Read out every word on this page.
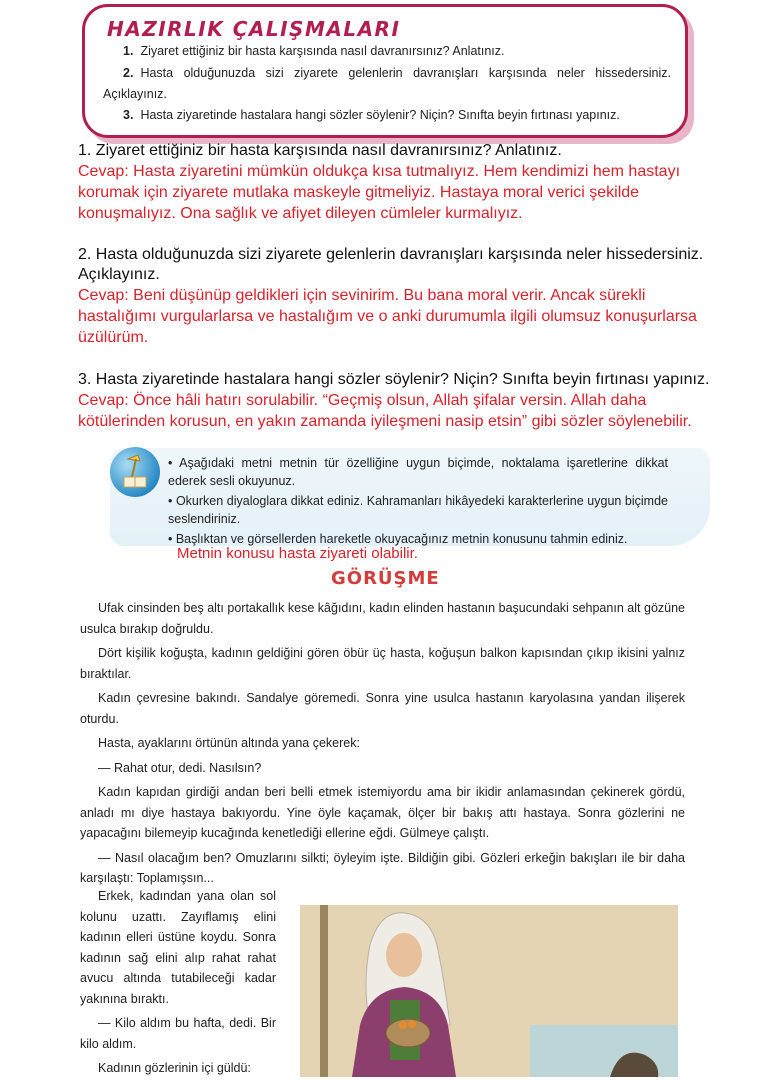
HAZIRLIK ÇALIŞMALARI
1. Ziyaret ettiğiniz bir hasta karşısında nasıl davranırsınız? Anlatınız.
2. Hasta olduğunuzda sizi ziyarete gelenlerin davranışları karşısında neler hissedersiniz. Açıklayınız.
3. Hasta ziyaretinde hastalara hangi sözler söylenir? Niçin? Sınıfta beyin fırtınası yapınız.
1. Ziyaret ettiğiniz bir hasta karşısında nasıl davranırsınız? Anlatınız.
Cevap: Hasta ziyaretini mümkün oldukça kısa tutmalıyız. Hem kendimizi hem hastayı korumak için ziyarete mutlaka maskeyle gitmeliyiz. Hastaya moral verici şekilde konuşmalıyız. Ona sağlık ve afiyet dileyen cümleler kurmalıyız.
2. Hasta olduğunuzda sizi ziyarete gelenlerin davranışları karşısında neler hissedersiniz. Açıklayınız.
Cevap: Beni düşünüp geldikleri için sevinirim. Bu bana moral verir. Ancak sürekli hastalığımı vurgularlarsa ve hastalığım ve o anki durumumla ilgili olumsuz konuşurlarsa üzülürüm.
3. Hasta ziyaretinde hastalara hangi sözler söylenir? Niçin? Sınıfta beyin fırtınası yapınız.
Cevap: Önce hâli hatırı sorulabilir. “Geçmiş olsun, Allah şifalar versin. Allah daha kötülerinden korusun, en yakın zamanda iyileşmeni nasip etsin” gibi sözler söylenebilir.
• Aşağıdaki metni metnin tür özelliğine uygun biçimde, noktalama işaretlerine dikkat ederek sesli okuyunuz.
• Okurken diyaloglara dikkat ediniz. Kahramanları hikâyedeki karakterlerine uygun biçimde seslendiriniz.
• Başlıktan ve görsellerden hareketle okuyacağınız metnin konusunu tahmin ediniz.
Metnin konusu hasta ziyareti olabilir.
GÖRÜŞME

Ufak cinsinden beş altı portakallık kese kâğıdını, kadın elinden hastanın başucundaki sehpanın alt gözüne usulca bırakıp doğruldu.

Dört kişilik koğuşta, kadının geldiğini gören öbür üç hasta, koğuşun balkon kapısından çıkıp ikisini yalnız bıraktılar.

Kadın çevresine bakındı. Sandalye göremedi. Sonra yine usulca hastanın karyolasına yandan ilişerek oturdu.

Hasta, ayaklarını örtünün altında yana çekerek:

— Rahat otur, dedi. Nasılsın?

Kadın kapıdan girdiği andan beri belli etmek istemiyordu ama bir ikidir anlamasından çekinerek gördü, anladı mı diye hastaya bakıyordu. Yine öyle kaçamak, ölçer bir bakış attı hastaya. Sonra gözlerini ne yapacağını bilemeyip kucağında kenetlediği ellerine eğdi. Gülmeye çalıştı.

— Nasıl olacağım ben? Omuzlarını silkti; öyleyim işte. Bildiğin gibi. Gözleri erkeğin bakışları ile bir daha karşılaştı: Toplamışsın...

Erkek, kadından yana olan sol kolunu uzattı. Zayıflamış elini kadının elleri üstüne koydu. Sonra kadının sağ elini alıp rahat rahat avucu altında tutabileceği kadar yakınına bıraktı.

— Kilo aldım bu hafta, dedi. Bir kilo aldım.

Kadının gözlerinin içi güldü:
